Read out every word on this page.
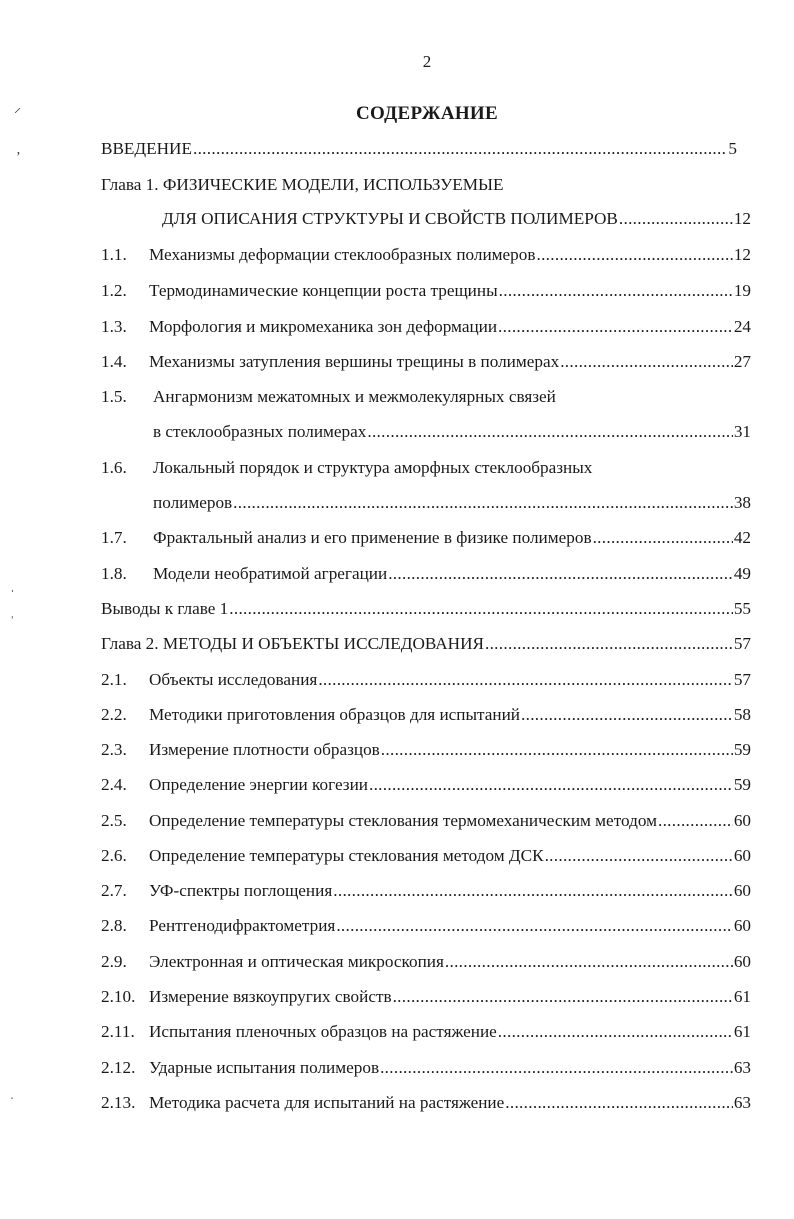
2
СОДЕРЖАНИЕ
ВВЕДЕНИЕ .....	5
Глава 1. ФИЗИЧЕСКИЕ МОДЕЛИ, ИСПОЛЬЗУЕМЫЕ
ДЛЯ ОПИСАНИЯ СТРУКТУРЫ И СВОЙСТВ ПОЛИМЕРОВ .....	12
1.1.	Механизмы деформации стеклообразных полимеров .....	12
1.2.	Термодинамические концепции роста трещины .....	19
1.3.	Морфология и микромеханика зон деформации .....	24
1.4.	Механизмы затупления вершины трещины в полимерах .....	27
1.5. Ангармонизм межатомных и межмолекулярных связей
в стеклообразных полимерах .....	31
1.6. Локальный порядок и структура аморфных стеклообразных
полимеров .....	38
1.7.	Фрактальный анализ и его применение в физике полимеров .....	42
1.8.	Модели необратимой агрегации .....	49
Выводы к главе 1 .....	55
Глава 2. МЕТОДЫ И ОБЪЕКТЫ ИССЛЕДОВАНИЯ .....	57
2.1.	Объекты исследования .....	57
2.2.	Методики приготовления образцов для испытаний .....	58
2.3.	Измерение плотности образцов .....	59
2.4.	Определение энергии когезии .....	59
2.5.	Определение температуры стеклования термомеханическим методом .....	60
2.6.	Определение температуры стеклования методом ДСК .....	60
2.7.	УФ-спектры поглощения .....	60
2.8.	Рентгенодифрактометрия .....	60
2.9.	Электронная и оптическая микроскопия .....	60
2.10. Измерение вязкоупругих свойств .....	61
2.11. Испытания пленочных образцов на растяжение .....	61
2.12. Ударные испытания полимеров .....	63
2.13. Методика расчета для испытаний на растяжение .....	63
⸝
ʼ
ˌ
ʾ
ˑ
